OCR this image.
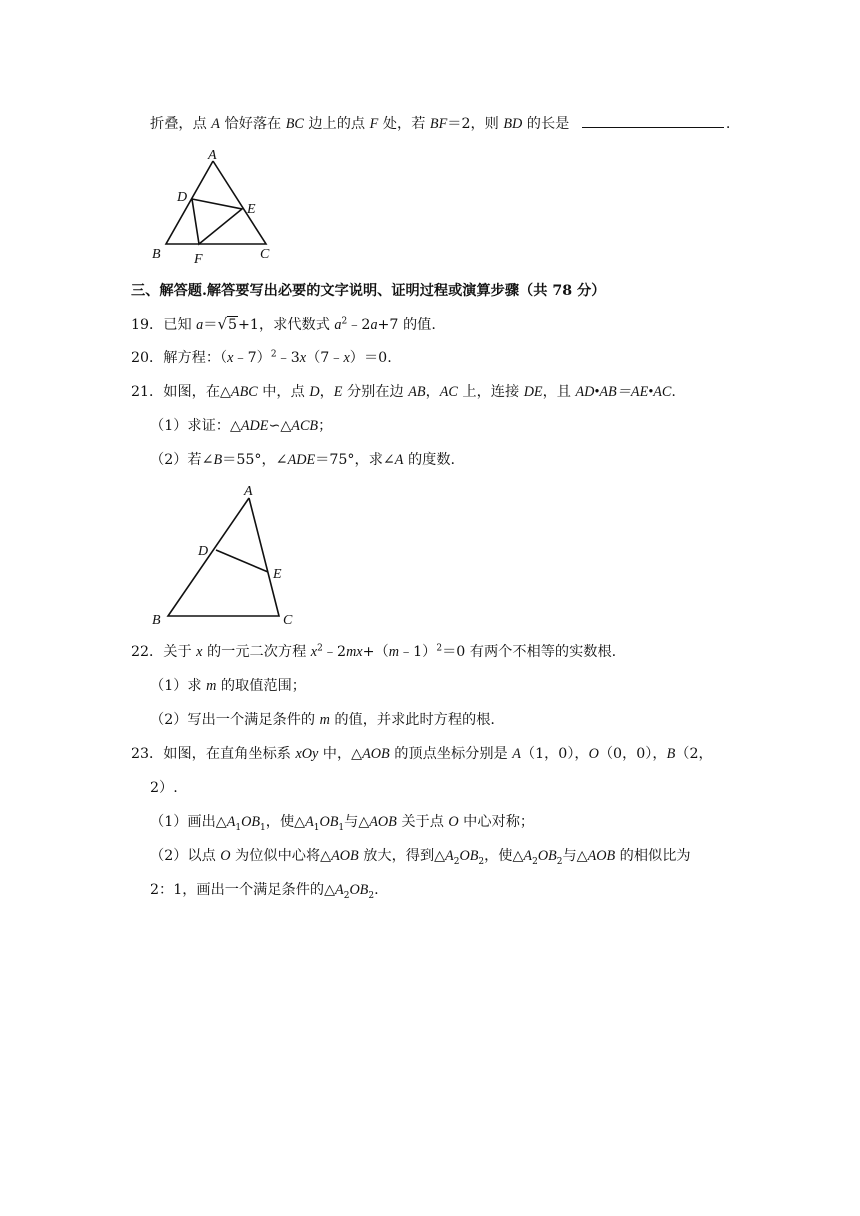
折叠，点 A 恰好落在 BC 边上的点 F 处，若 BF＝2，则 BD 的长是	.
A
D
E
B F	C
三、解答题.解答要写出必要的文字说明、证明过程或演算步骤（共 78 分）
19．已知 a＝√5+1，求代数式 $a^2﹣2a+7$ 的值.
20．解方程：（x﹣7）$^2$﹣3x（7﹣x）＝0.
21．如图，在△ABC 中，点 D，E 分别在边 AB，AC 上，连接 DE，且 AD•AB＝AE•AC.
（1）求证：△ADE∽△ACB；
（2）若∠B＝55°，∠ADE＝75°，求∠A 的度数.
A
D
E
B	C
22．关于 x 的一元二次方程 $x^2﹣2mx+(m﹣1)^2=0$ 有两个不相等的实数根.
（1）求 m 的取值范围；
（2）写出一个满足条件的 m 的值，并求此时方程的根.
23．如图，在直角坐标系 xOy 中，△AOB 的顶点坐标分别是 A（1，0），O（0，0），B（2，
2）.
（1）画出$\triangle A_1OB_1$，使$\triangle A_1OB_1$与△AOB 关于点 O 中心对称；
（2）以点 O 为位似中心将△AOB 放大，得到$\triangle A_2OB_2$，使$\triangle A_2OB_2$与△AOB 的相似比为
2：1，画出一个满足条件的$\triangle A_2OB_2$.
